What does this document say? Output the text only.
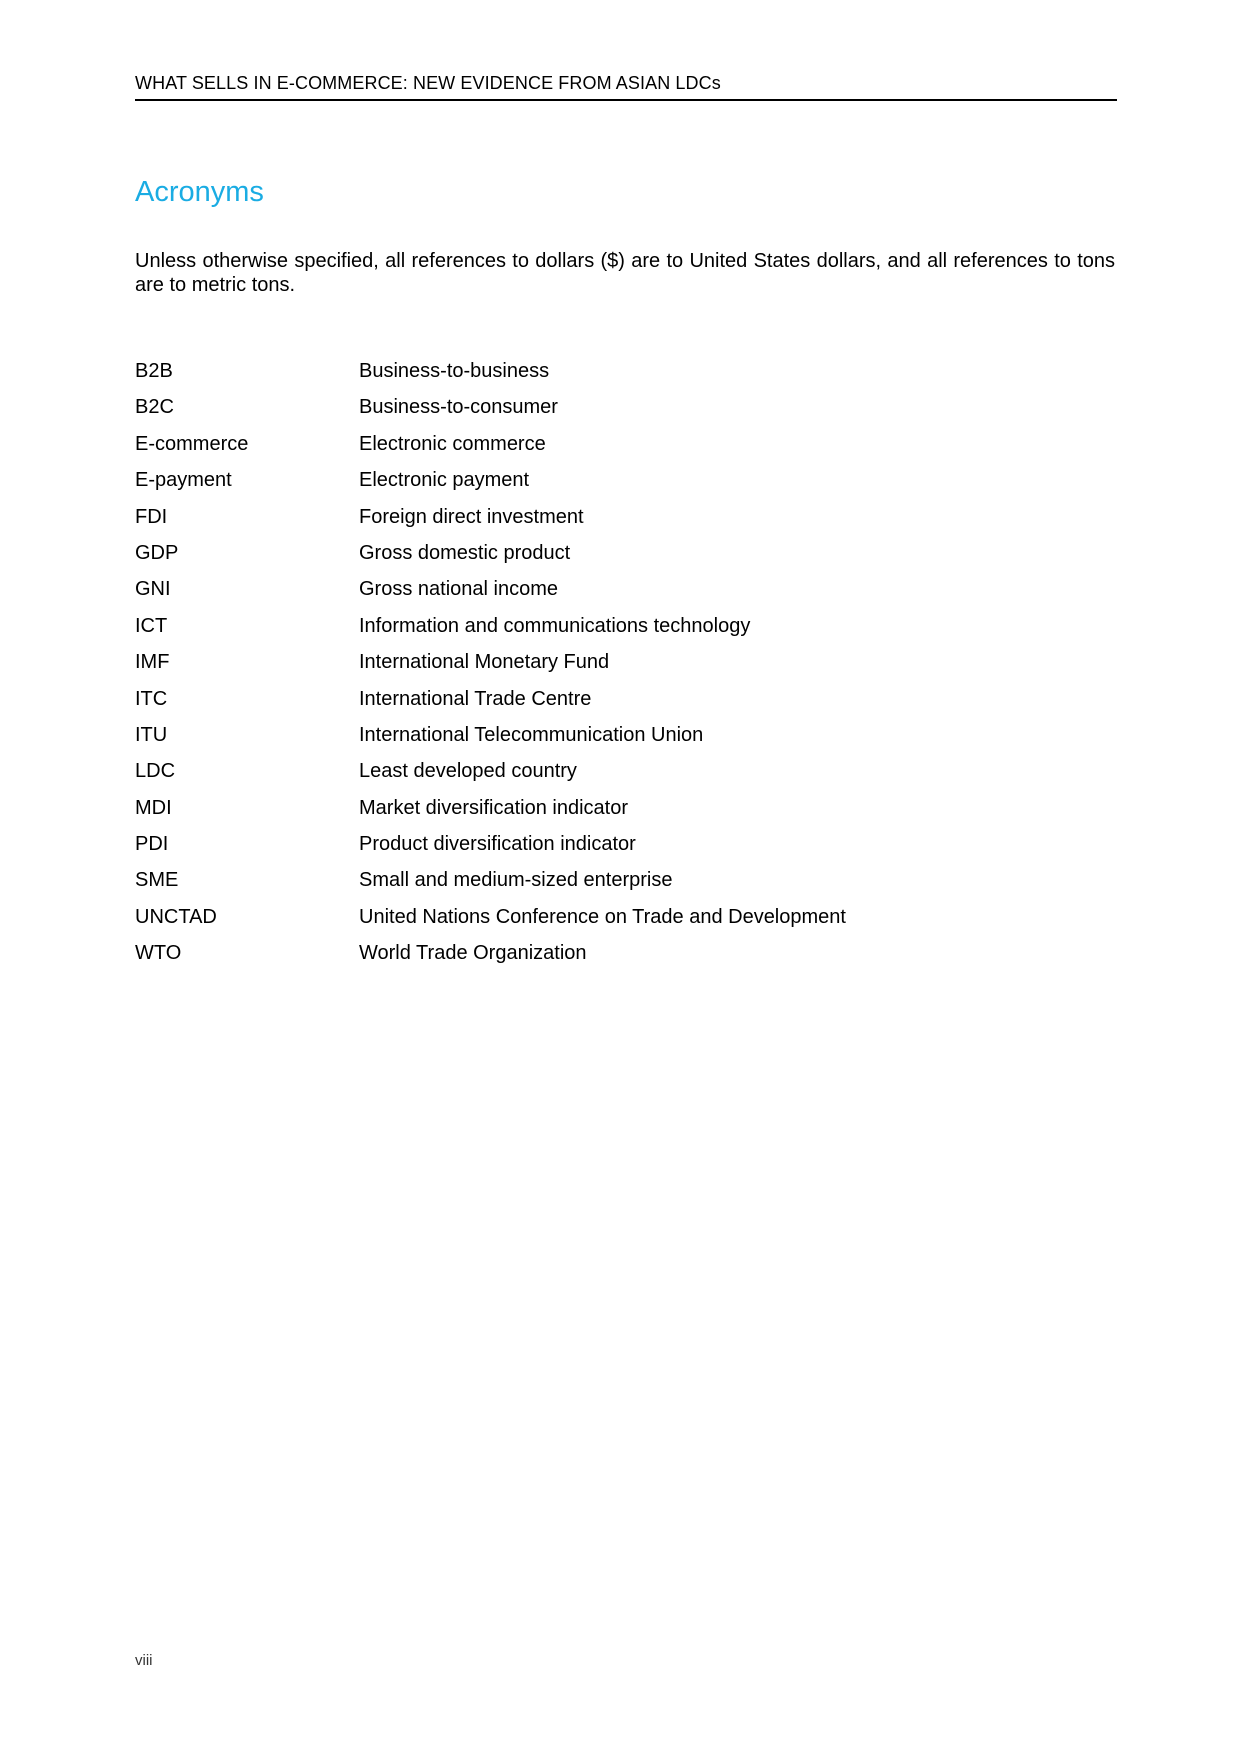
WHAT SELLS IN E-COMMERCE: NEW EVIDENCE FROM ASIAN LDCs
Acronyms

Unless otherwise specified, all references to dollars ($) are to United States dollars, and all references to tons are to metric tons.

B2B	Business-to-business
B2C	Business-to-consumer
E-commerce	Electronic commerce
E-payment	Electronic payment
FDI	Foreign direct investment
GDP	Gross domestic product
GNI	Gross national income
ICT	Information and communications technology
IMF	International Monetary Fund
ITC	International Trade Centre
ITU	International Telecommunication Union
LDC	Least developed country
MDI	Market diversification indicator
PDI	Product diversification indicator
SME	Small and medium-sized enterprise
UNCTAD	United Nations Conference on Trade and Development
WTO	World Trade Organization
viii
